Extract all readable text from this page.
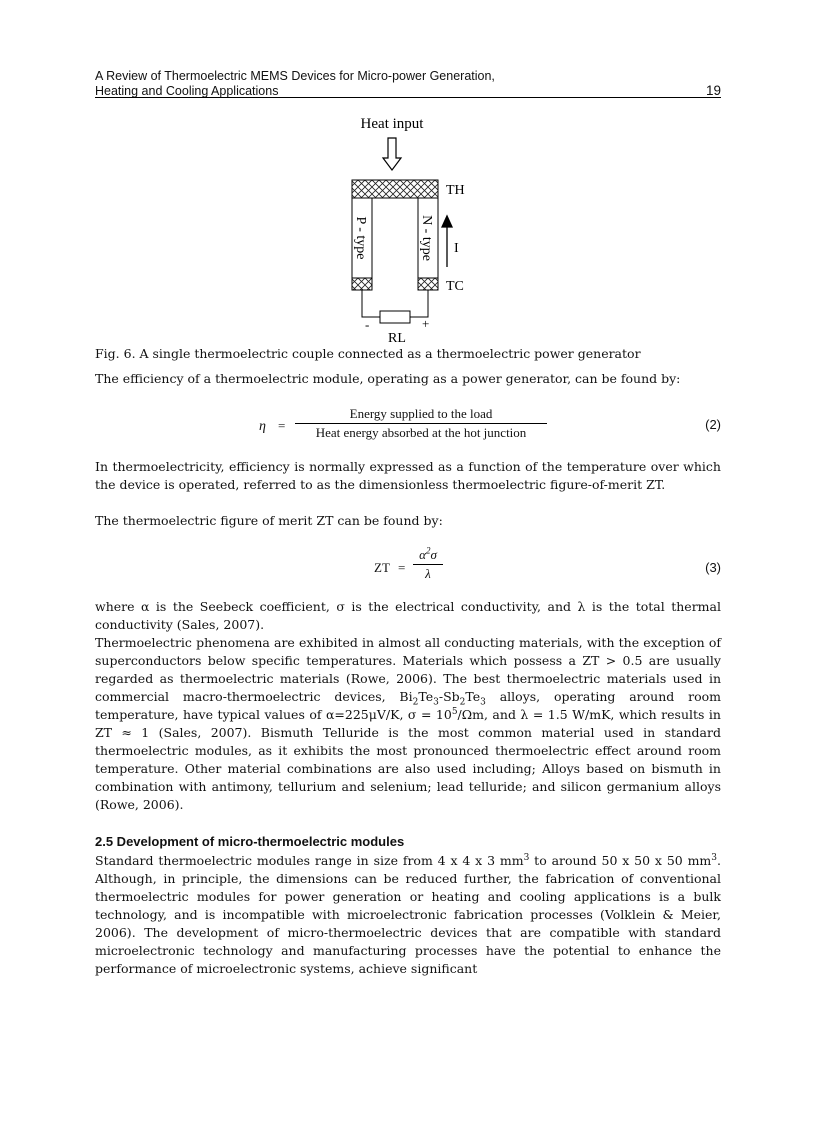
A Review of Thermoelectric MEMS Devices for Micro-power Generation,
Heating and Cooling Applications	19
Heat input
TH
P - type	N - type I
TC
-	+
RL
Fig. 6. A single thermoelectric couple connected as a thermoelectric power generator
The efficiency of a thermoelectric module, operating as a power generator, can be found by:
η =
Energy supplied to the load
Heat energy absorbed at the hot junction
(2)
In thermoelectricity, efficiency is normally expressed as a function of the temperature over which the device is operated, referred to as the dimensionless thermoelectric figure-of-merit ZT.
The thermoelectric figure of merit ZT can be found by:
ZT =
$\alpha^2\sigma$
λ	(3)
where α is the Seebeck coefficient, σ is the electrical conductivity, and λ is the total thermal conductivity (Sales, 2007).
Thermoelectric phenomena are exhibited in almost all conducting materials, with the exception of superconductors below specific temperatures. Materials which possess a ZT > 0.5 are usually regarded as thermoelectric materials (Rowe, 2006). The best thermoelectric materials used in commercial macro-thermoelectric devices, $Bi_2Te_3-Sb_2Te_3$ alloys, operating around room temperature, have typical values of α=225μV/K, $\sigma = 10^5/\Omega m$, and λ = 1.5 W/mK, which results in ZT ≈ 1 (Sales, 2007). Bismuth Telluride is the most common material used in standard thermoelectric modules, as it exhibits the most pronounced thermoelectric effect around room temperature. Other material combinations are also used including; Alloys based on bismuth in combination with antimony, tellurium and selenium; lead telluride; and silicon germanium alloys (Rowe, 2006).
2.5 Development of micro-thermoelectric modules
Standard thermoelectric modules range in size from 4 x 4 x 3 $mm^3$ to around 50 x 50 x 50 $mm^3$. Although, in principle, the dimensions can be reduced further, the fabrication of conventional thermoelectric modules for power generation or heating and cooling applications is a bulk technology, and is incompatible with microelectronic fabrication processes (Volklein & Meier, 2006). The development of micro-thermoelectric devices that are compatible with standard microelectronic technology and manufacturing processes have the potential to enhance the performance of microelectronic systems, achieve significant
